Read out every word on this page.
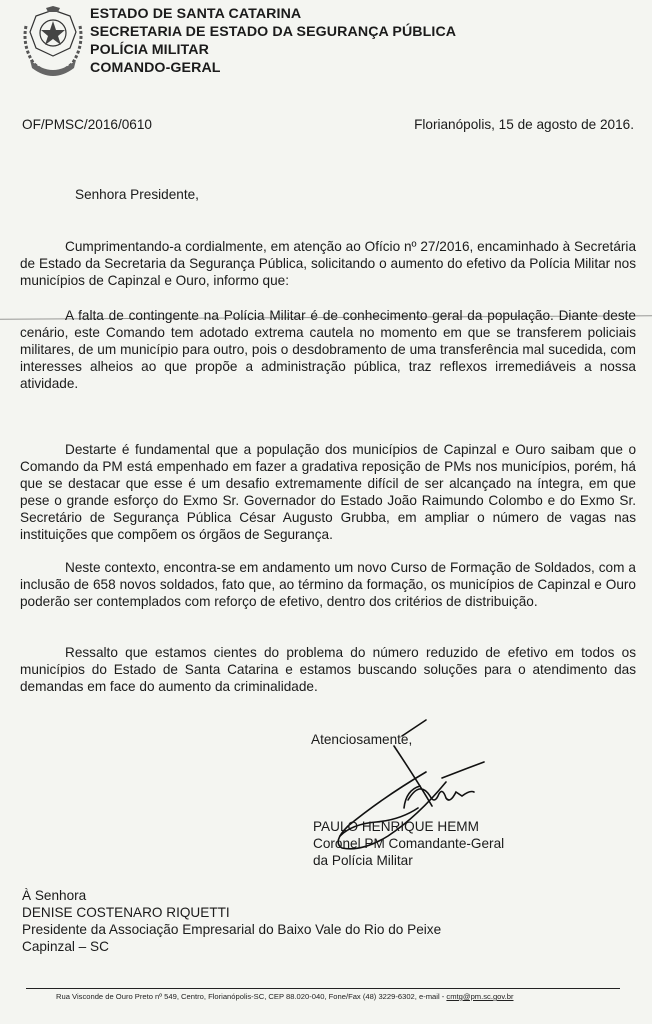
ESTADO DE SANTA CATARINA
SECRETARIA DE ESTADO DA SEGURANÇA PÚBLICA
POLÍCIA MILITAR
COMANDO-GERAL
OF/PMSC/2016/0610	Florianópolis, 15 de agosto de 2016.
Senhora Presidente,

Cumprimentando-a cordialmente, em atenção ao Ofício nº 27/2016, encaminhado à Secretária de Estado da Secretaria da Segurança Pública, solicitando o aumento do efetivo da Polícia Militar nos municípios de Capinzal e Ouro, informo que:

A falta de contingente na Polícia Militar é de conhecimento geral da população. Diante deste cenário, este Comando tem adotado extrema cautela no momento em que se transferem policiais militares, de um município para outro, pois o desdobramento de uma transferência mal sucedida, com interesses alheios ao que propõe a administração pública, traz reflexos irremediáveis a nossa atividade.

Destarte é fundamental que a população dos municípios de Capinzal e Ouro saibam que o Comando da PM está empenhado em fazer a gradativa reposição de PMs nos municípios, porém, há que se destacar que esse é um desafio extremamente difícil de ser alcançado na íntegra, em que pese o grande esforço do Exmo Sr. Governador do Estado João Raimundo Colombo e do Exmo Sr. Secretário de Segurança Pública César Augusto Grubba, em ampliar o número de vagas nas instituições que compõem os órgãos de Segurança.

Neste contexto, encontra-se em andamento um novo Curso de Formação de Soldados, com a inclusão de 658 novos soldados, fato que, ao término da formação, os municípios de Capinzal e Ouro poderão ser contemplados com reforço de efetivo, dentro dos critérios de distribuição.

Ressalto que estamos cientes do problema do número reduzido de efetivo em todos os municípios do Estado de Santa Catarina e estamos buscando soluções para o atendimento das demandas em face do aumento da criminalidade.

Atenciosamente,
PAULO HENRIQUE HEMM
Coronel PM Comandante-Geral
da Polícia Militar
À Senhora
DENISE COSTENARO RIQUETTI
Presidente da Associação Empresarial do Baixo Vale do Rio do Peixe
Capinzal – SC
Rua Visconde de Ouro Preto nº 549, Centro, Florianópolis-SC, CEP 88.020-040, Fone/Fax (48) 3229-6302, e-mail - cmtg@pm.sc.gov.br
